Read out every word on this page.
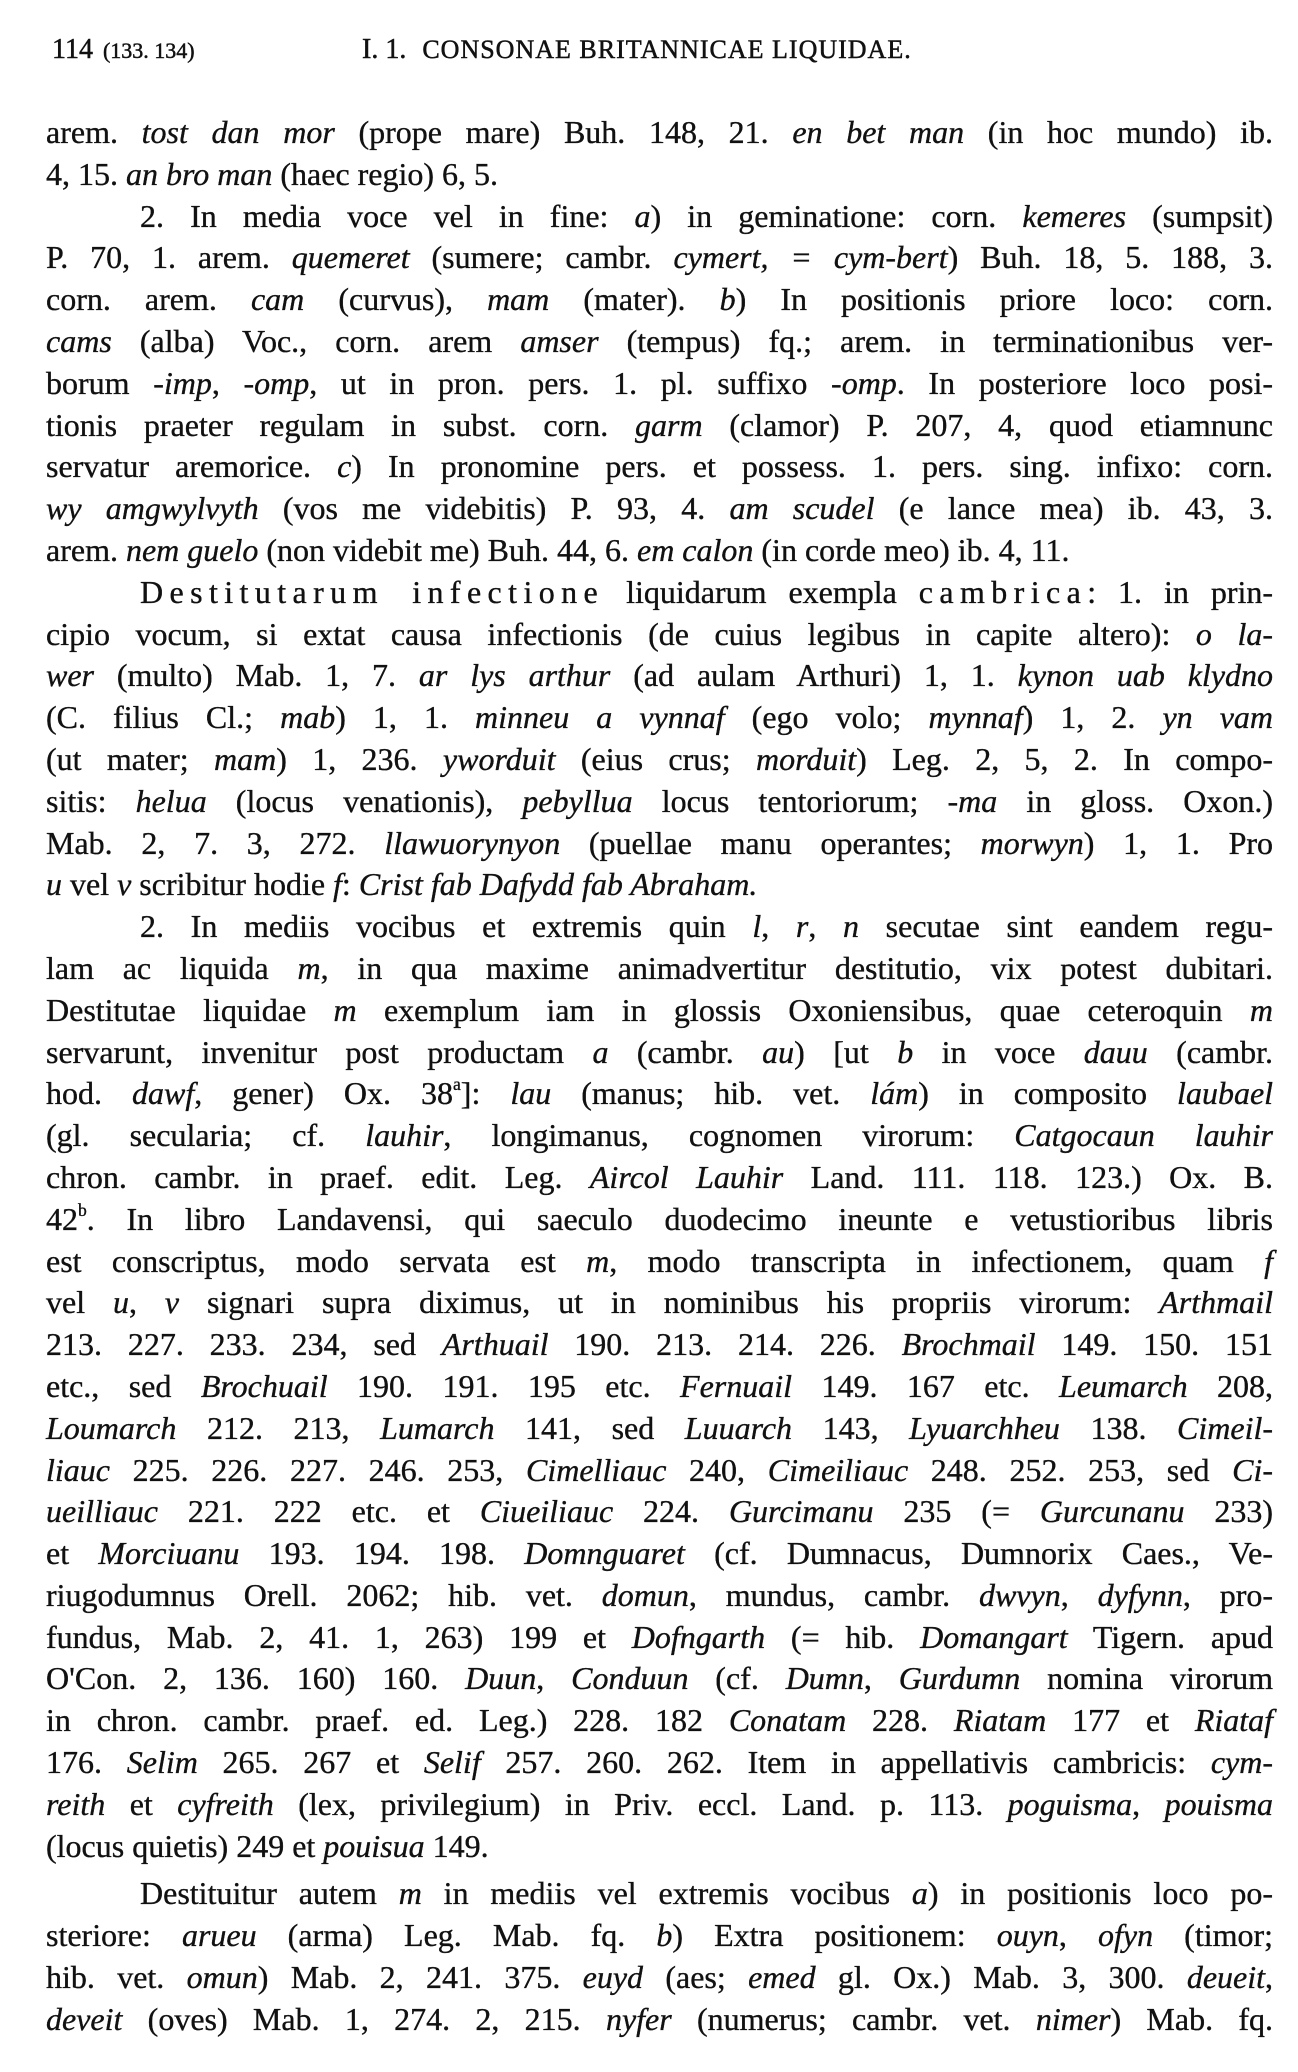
114 (133. 134)	I. 1. CONSONAE BRITANNICAE LIQUIDAE.
arem. tost dan mor (prope mare) Buh. 148, 21. en bet man (in hoc mundo) ib.
4, 15. an bro man (haec regio) 6, 5.
2. In media voce vel in fine: a) in geminatione: corn. kemeres (sumpsit)
P. 70, 1. arem. quemeret (sumere; cambr. cymert, = cym-bert) Buh. 18, 5. 188, 3.
corn. arem. cam (curvus), mam (mater). b) In positionis priore loco: corn.
cams (alba) Voc., corn. arem amser (tempus) fq.; arem. in terminationibus ver-
borum -imp, -omp, ut in pron. pers. 1. pl. suffixo -omp. In posteriore loco posi-
tionis praeter regulam in subst. corn. garm (clamor) P. 207, 4, quod etiamnunc
servatur aremorice. c) In pronomine pers. et possess. 1. pers. sing. infixo: corn.
wy amgwylvyth (vos me videbitis) P. 93, 4. am scudel (e lance mea) ib. 43, 3.
arem. nem guelo (non videbit me) Buh. 44, 6. em calon (in corde meo) ib. 4, 11.
Destitutarum infectione liquidarum exempla cambrica: 1. in prin-
cipio vocum, si extat causa infectionis (de cuius legibus in capite altero): o la-
wer (multo) Mab. 1, 7. ar lys arthur (ad aulam Arthuri) 1, 1. kynon uab klydno
(C. filius Cl.; mab) 1, 1. minneu a vynnaf (ego volo; mynnaf) 1, 2. yn vam
(ut mater; mam) 1, 236. yworduit (eius crus; morduit) Leg. 2, 5, 2. In compo-
sitis: helua (locus venationis), pebyllua locus tentoriorum; -ma in gloss. Oxon.)
Mab. 2, 7. 3, 272. llawuorynyon (puellae manu operantes; morwyn) 1, 1. Pro
u vel v scribitur hodie f: Crist fab Dafydd fab Abraham.
2. In mediis vocibus et extremis quin l, r, n secutae sint eandem regu-
lam ac liquida m, in qua maxime animadvertitur destitutio, vix potest dubitari.
Destitutae liquidae m exemplum iam in glossis Oxoniensibus, quae ceteroquin m
servarunt, invenitur post productam a (cambr. au) [ut b in voce dauu (cambr.
hod. dawf, gener) Ox. 38$^a$]: lau (manus; hib. vet. lám) in composito laubael
(gl. secularia; cf. lauhir, longimanus, cognomen virorum: Catgocaun lauhir
chron. cambr. in praef. edit. Leg. Aircol Lauhir Land. 111. 118. 123.) Ox. B.
42$^b$. In libro Landavensi, qui saeculo duodecimo ineunte e vetustioribus libris
est conscriptus, modo servata est m, modo transcripta in infectionem, quam f
vel u, v signari supra diximus, ut in nominibus his propriis virorum: Arthmail
213. 227. 233. 234, sed Arthuail 190. 213. 214. 226. Brochmail 149. 150. 151
etc., sed Brochuail 190. 191. 195 etc. Fernuail 149. 167 etc. Leumarch 208,
Loumarch 212. 213, Lumarch 141, sed Luuarch 143, Lyuarchheu 138. Cimeil-
liauc 225. 226. 227. 246. 253, Cimelliauc 240, Cimeiliauc 248. 252. 253, sed Ci-
ueilliauc 221. 222 etc. et Ciueiliauc 224. Gurcimanu 235 (= Gurcunanu 233)
et Morciuanu 193. 194. 198. Domnguaret (cf. Dumnacus, Dumnorix Caes., Ve-
riugodumnus Orell. 2062; hib. vet. domun, mundus, cambr. dwvyn, dyfynn, pro-
fundus, Mab. 2, 41. 1, 263) 199 et Dofngarth (= hib. Domangart Tigern. apud
O'Con. 2, 136. 160) 160. Duun, Conduun (cf. Dumn, Gurdumn nomina virorum
in chron. cambr. praef. ed. Leg.) 228. 182 Conatam 228. Riatam 177 et Riataf
176. Selim 265. 267 et Selif 257. 260. 262. Item in appellativis cambricis: cym-
reith et cyfreith (lex, privilegium) in Priv. eccl. Land. p. 113. poguisma, pouisma
(locus quietis) 249 et pouisua 149.
Destituitur autem m in mediis vel extremis vocibus a) in positionis loco po-
steriore: arueu (arma) Leg. Mab. fq. b) Extra positionem: ouyn, ofyn (timor;
hib. vet. omun) Mab. 2, 241. 375. euyd (aes; emed gl. Ox.) Mab. 3, 300. deueit,
deveit (oves) Mab. 1, 274. 2, 215. nyfer (numerus; cambr. vet. nimer) Mab. fq.
